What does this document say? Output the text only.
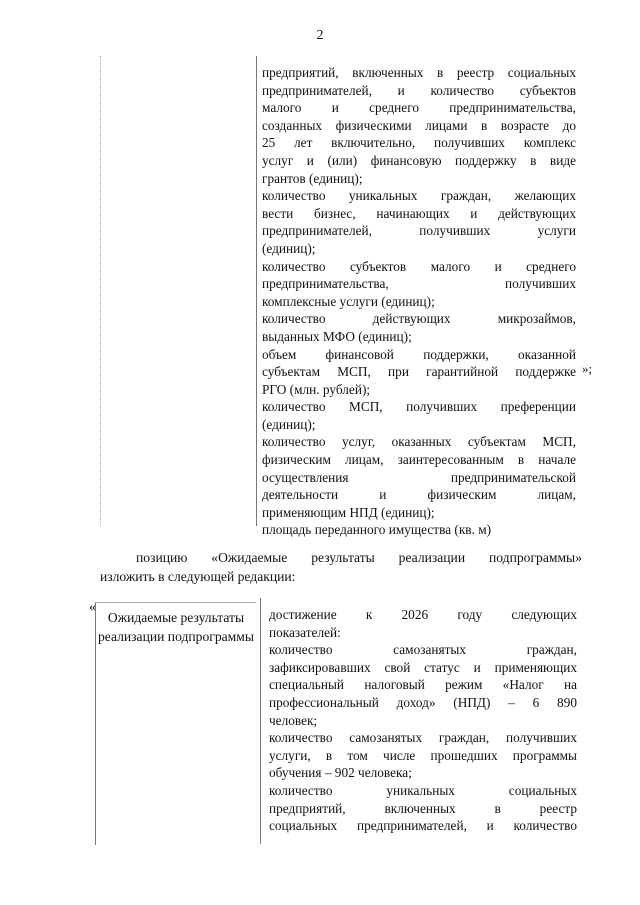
2
предприятий, включенных в реестр социальных
предпринимателей, и количество субъектов
малого и среднего предпринимательства,
созданных физическими лицами в возрасте до
25 лет включительно, получивших комплекс
услуг и (или) финансовую поддержку в виде
грантов (единиц);
количество уникальных граждан, желающих
вести бизнес, начинающих и действующих
предпринимателей, получивших услуги
(единиц);
количество субъектов малого и среднего
предпринимательства, получивших
комплексные услуги (единиц);
количество действующих микрозаймов,
выданных МФО (единиц);
объем финансовой поддержки, оказанной
субъектам МСП, при гарантийной поддержке
РГО (млн. рублей);
количество МСП, получивших преференции
(единиц);
количество услуг, оказанных субъектам МСП,
физическим лицам, заинтересованным в начале
осуществления предпринимательской
деятельности и физическим лицам,
применяющим НПД (единиц);
площадь переданного имущества (кв. м)
»;
позицию «Ожидаемые результаты реализации подпрограммы»
изложить в следующей редакции:
«
Ожидаемые результаты реализации подпрограммы
достижение к 2026 году следующих
показателей:
количество самозанятых граждан,
зафиксировавших свой статус и применяющих
специальный налоговый режим «Налог на
профессиональный доход» (НПД) – 6 890
человек;
количество самозанятых граждан, получивших
услуги, в том числе прошедших программы
обучения – 902 человека;
количество уникальных социальных
предприятий, включенных в реестр
социальных предпринимателей, и количество
